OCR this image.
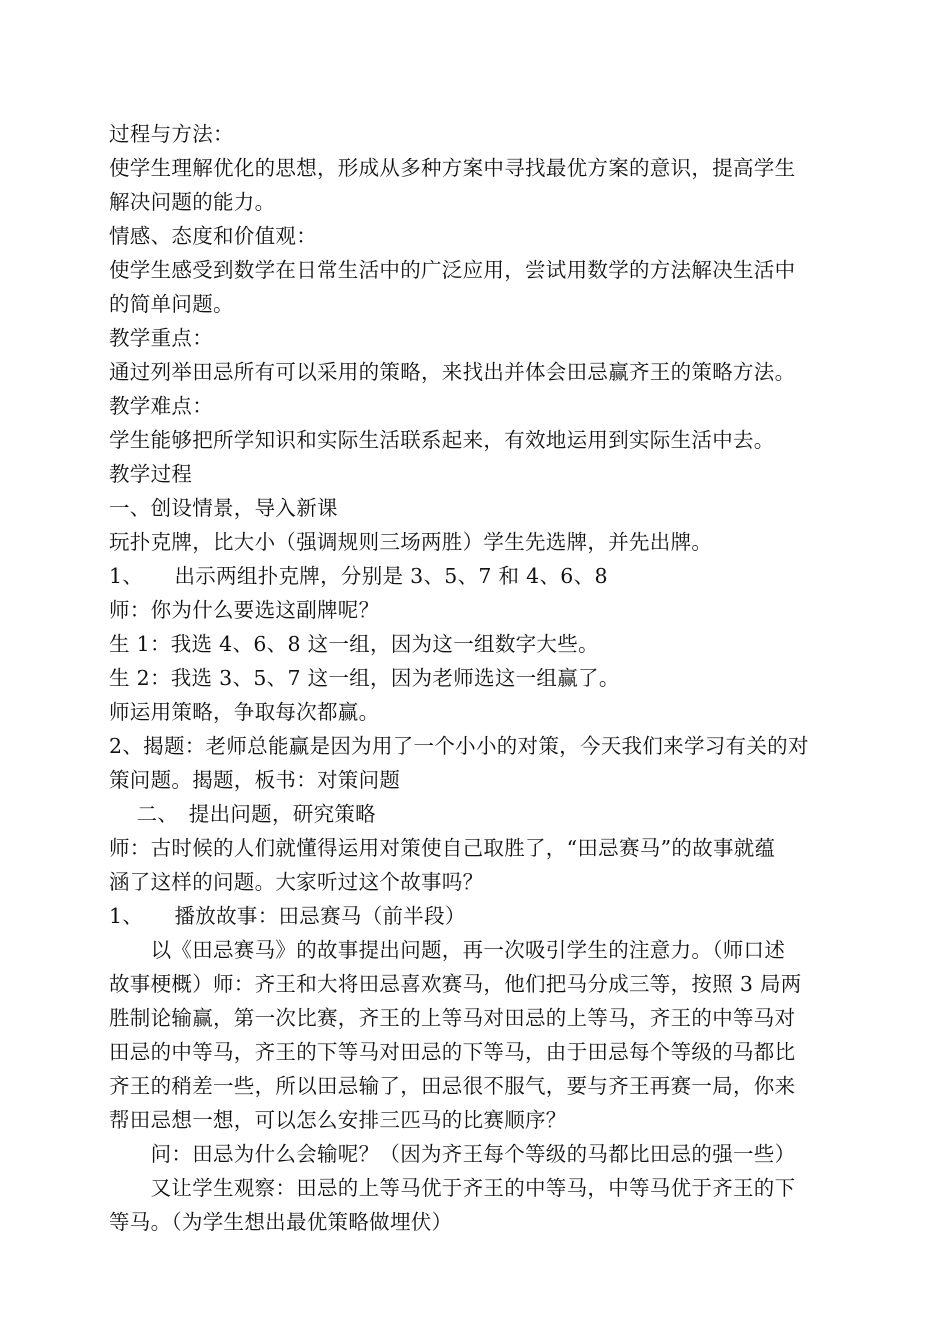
过程与方法：
使学生理解优化的思想，形成从多种方案中寻找最优方案的意识，提高学生
解决问题的能力。
情感、态度和价值观：
使学生感受到数学在日常生活中的广泛应用，尝试用数学的方法解决生活中
的简单问题。
教学重点：
通过列举田忌所有可以采用的策略，来找出并体会田忌赢齐王的策略方法。
教学难点：
学生能够把所学知识和实际生活联系起来，有效地运用到实际生活中去。
教学过程
一、创设情景，导入新课
玩扑克牌，比大小（强调规则三场两胜）学生先选牌，并先出牌。
1、　　出示两组扑克牌，分别是 3、5、7 和 4、6、8
师：你为什么要选这副牌呢？
生 1：我选 4、6、8 这一组，因为这一组数字大些。
生 2：我选 3、5、7 这一组，因为老师选这一组赢了。
师运用策略，争取每次都赢。
2、揭题：老师总能赢是因为用了一个小小的对策，今天我们来学习有关的对
策问题。揭题，板书：对策问题
　 二、　提出问题，研究策略
师：古时候的人们就懂得运用对策使自己取胜了，“田忌赛马”的故事就蕴
涵了这样的问题。大家听过这个故事吗？
1、　　播放故事：田忌赛马（前半段）
　　以《田忌赛马》的故事提出问题，再一次吸引学生的注意力。（师口述
故事梗概）师：齐王和大将田忌喜欢赛马，他们把马分成三等，按照 3 局两
胜制论输赢，第一次比赛，齐王的上等马对田忌的上等马，齐王的中等马对
田忌的中等马，齐王的下等马对田忌的下等马，由于田忌每个等级的马都比
齐王的稍差一些，所以田忌输了，田忌很不服气，要与齐王再赛一局，你来
帮田忌想一想，可以怎么安排三匹马的比赛顺序？
　　问：田忌为什么会输呢？（因为齐王每个等级的马都比田忌的强一些）
　　又让学生观察：田忌的上等马优于齐王的中等马，中等马优于齐王的下
等马。（为学生想出最优策略做埋伏）
